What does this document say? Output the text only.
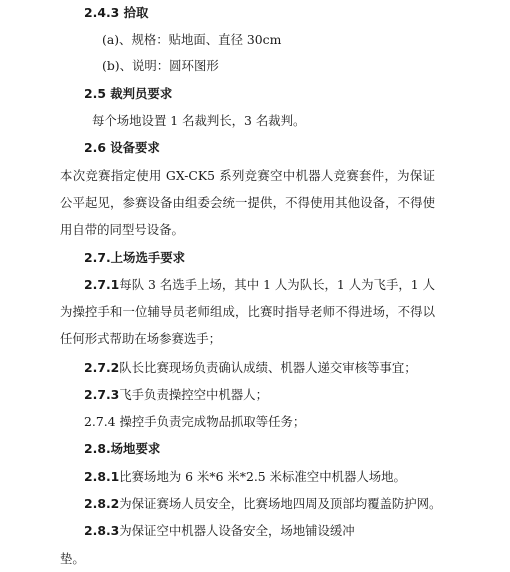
2.4.3 拾取
(a)、规格：贴地面、直径 30cm
(b)、说明：圆环图形
2.5 裁判员要求
每个场地设置 1 名裁判长，3 名裁判。
2.6 设备要求
本次竞赛指定使用 GX-CK5 系列竞赛空中机器人竞赛套件，为保证
公平起见，参赛设备由组委会统一提供，不得使用其他设备，不得使
用自带的同型号设备。
2.7.上场选手要求
2.7.1每队 3 名选手上场，其中 1 人为队长，1 人为飞手，1 人
为操控手和一位辅导员老师组成，比赛时指导老师不得进场，不得以
任何形式帮助在场参赛选手；
2.7.2队长比赛现场负责确认成绩、机器人递交审核等事宜；
2.7.3飞手负责操控空中机器人；
2.7.4 操控手负责完成物品抓取等任务；
2.8.场地要求
2.8.1比赛场地为 6 米*6 米*2.5 米标准空中机器人场地。
2.8.2为保证赛场人员安全，比赛场地四周及顶部均覆盖防护网。
2.8.3为保证空中机器人设备安全，场地铺设缓冲
垫。
